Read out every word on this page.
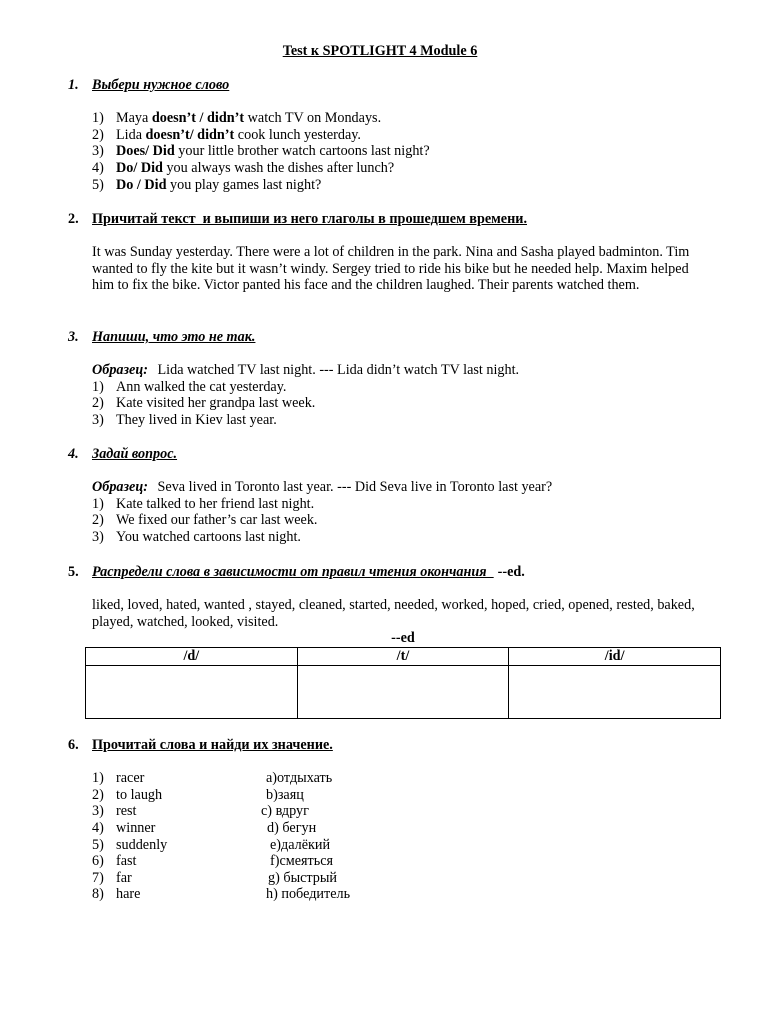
Test к SPOTLIGHT 4 Module 6
1. Выбери нужное слово
1) Maya doesn’t / didn’t watch TV on Mondays.
2) Lida doesn’t/ didn’t cook lunch yesterday.
3) Does/ Did your little brother watch cartoons last night?
4) Do/ Did you always wash the dishes after lunch?
5) Do / Did you play games last night?
2. Причитай текст  и выпиши из него глаголы в прошедшем времени.

It was Sunday yesterday. There were a lot of children in the park. Nina and Sasha played badminton. Tim wanted to fly the kite but it wasn’t windy. Sergey tried to ride his bike but he needed help. Maxim helped him to fix the bike. Victor panted his face and the children laughed. Their parents watched them.

3. Напиши, что это не так.
Образец: Lida watched TV last night. --- Lida didn’t watch TV last night.
1) Ann walked the cat yesterday.
2) Kate visited her grandpa last week.
3) They lived in Kiev last year.
4. Задай вопрос.
Образец: Seva lived in Toronto last year. --- Did Seva live in Toronto last year?
1) Kate talked to her friend last night.
2) We fixed our father’s car last week.
3) You watched cartoons last night.
5. Распредели слова в зависимости от правил чтения окончания --ed.

liked, loved, hated, wanted , stayed, cleaned, started, needed, worked, hoped, cried, opened, rested, baked, played, watched, looked, visited.

--ed
/d/	/t/	/id/

6. Прочитай слова и найди их значение.
1) racer	a)отдыхать
2) to laugh	b)заяц
3) rest	c) вдруг
4) winner	d) бегун
5) suddenly	e)далёкий
6) fast	f)смеяться
7) far	g) быстрый
8) hare	h) победитель
